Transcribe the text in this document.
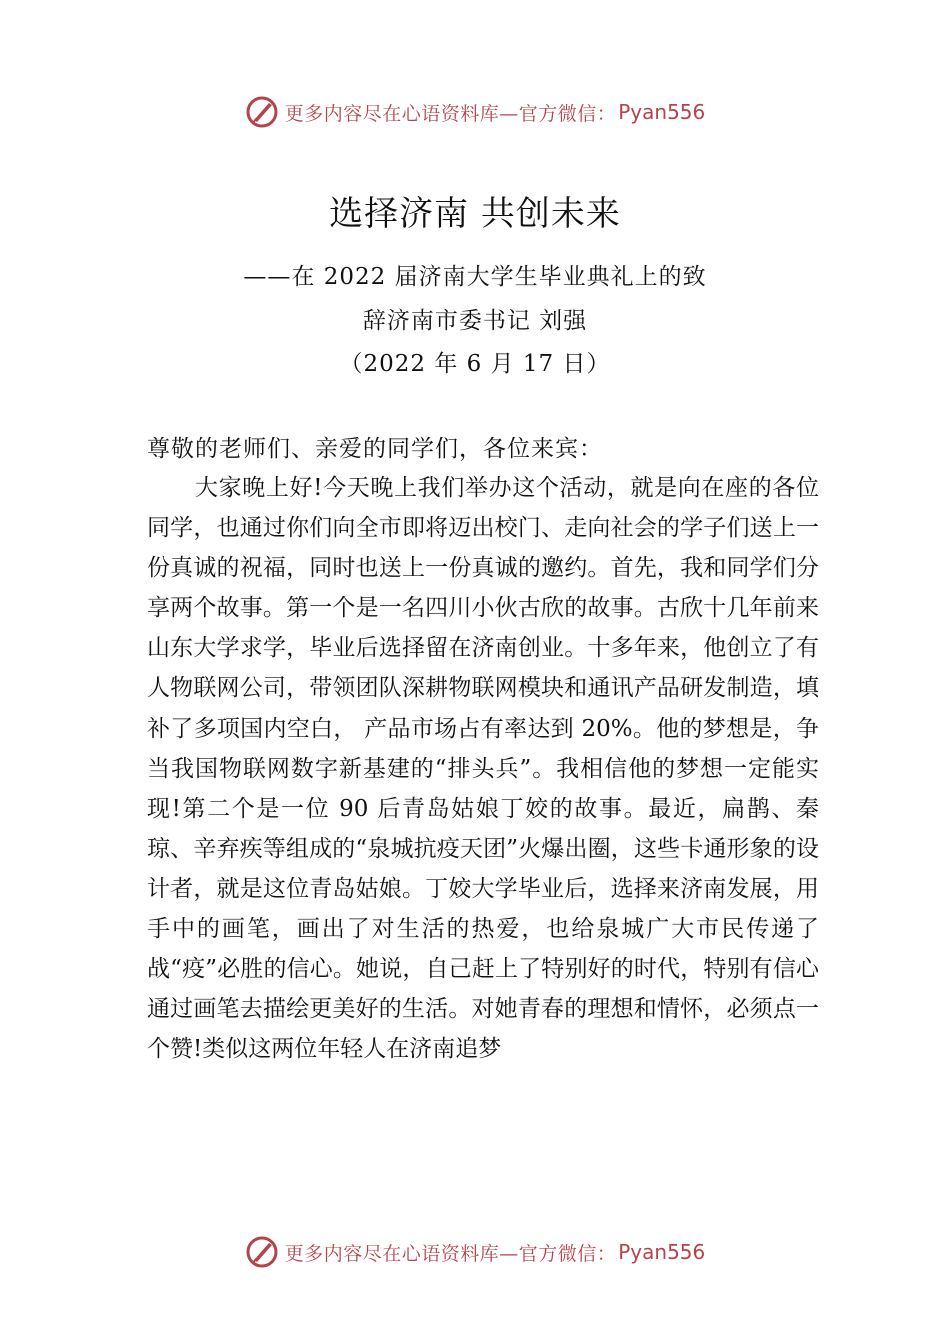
更多内容尽在心语资料库—官方微信： Pyan556
选择济南 共创未来
——在 2022 届济南大学生毕业典礼上的致
辞济南市委书记 刘强
（2022 年 6 月 17 日）
尊敬的老师们、亲爱的同学们，各位来宾：

大家晚上好!今天晚上我们举办这个活动，就是向在座的各位同学，也通过你们向全市即将迈出校门、走向社会的学子们送上一份真诚的祝福，同时也送上一份真诚的邀约。首先，我和同学们分享两个故事。第一个是一名四川小伙古欣的故事。古欣十几年前来山东大学求学，毕业后选择留在济南创业。十多年来，他创立了有人物联网公司，带领团队深耕物联网模块和通讯产品研发制造，填补了多项国内空白， 产品市场占有率达到 20%。他的梦想是，争当我国物联网数字新基建的“排头兵”。我相信他的梦想一定能实现!第二个是一位 90 后青岛姑娘丁姣的故事。最近，扁鹊、秦琼、辛弃疾等组成的“泉城抗疫天团”火爆出圈，这些卡通形象的设计者，就是这位青岛姑娘。丁姣大学毕业后，选择来济南发展，用手中的画笔，画出了对生活的热爱，也给泉城广大市民传递了战“疫”必胜的信心。她说，自己赶上了特别好的时代，特别有信心通过画笔去描绘更美好的生活。对她青春的理想和情怀，必须点一个赞!类似这两位年轻人在济南追梦

更多内容尽在心语资料库—官方微信： Pyan556
